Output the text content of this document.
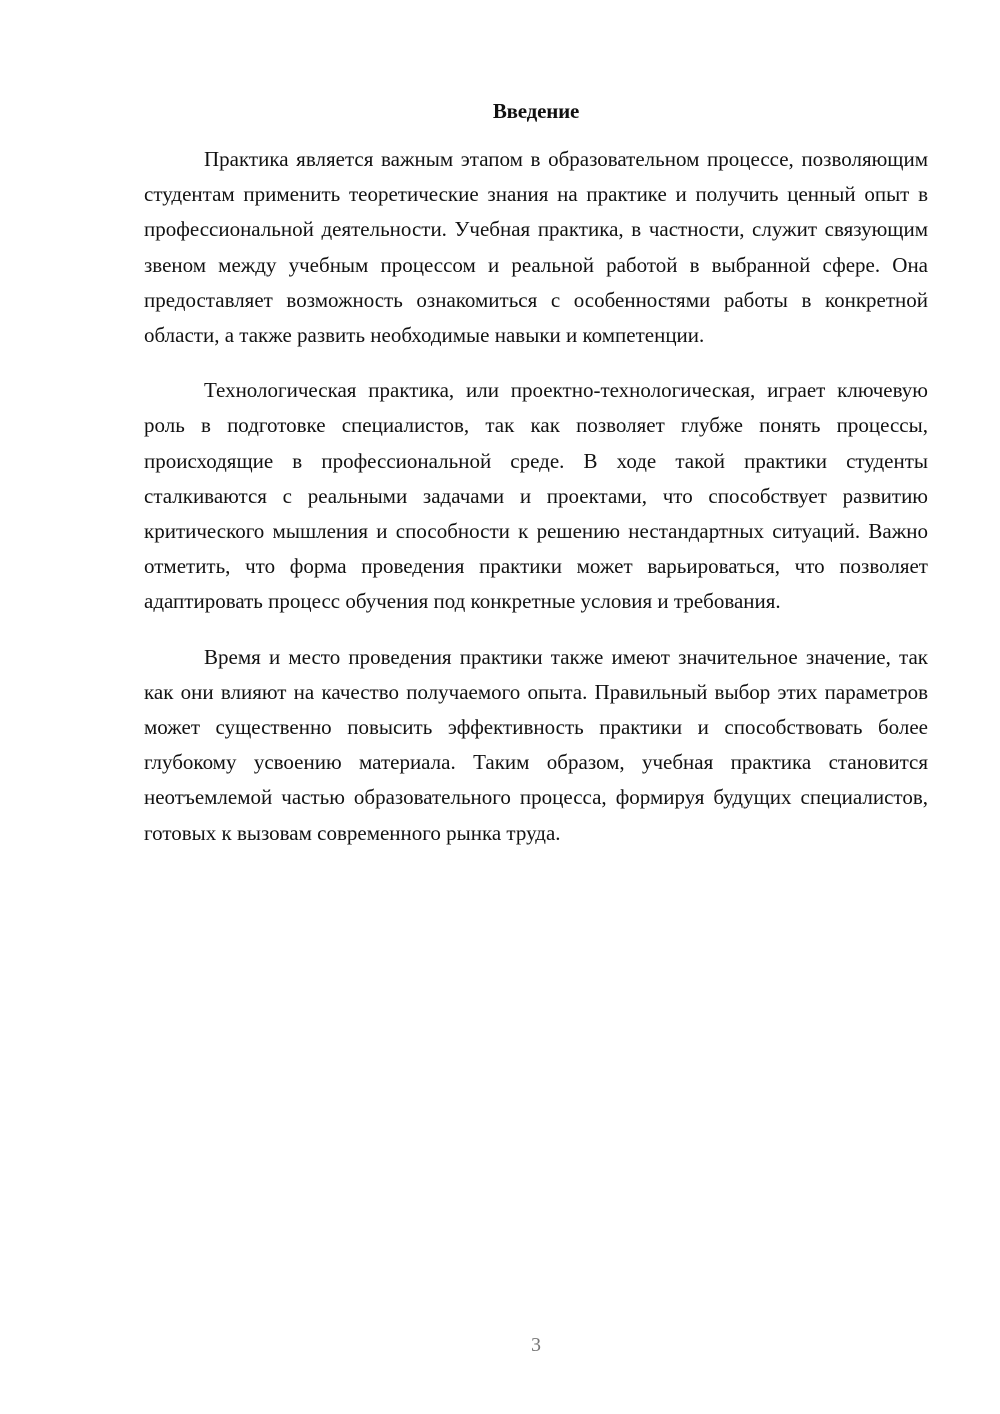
Введение

Практика является важным этапом в образовательном процессе, позволяющим студентам применить теоретические знания на практике и получить ценный опыт в профессиональной деятельности. Учебная практика, в частности, служит связующим звеном между учебным процессом и реальной работой в выбранной сфере. Она предоставляет возможность ознакомиться с особенностями работы в конкретной области, а также развить необходимые навыки и компетенции.

Технологическая практика, или проектно-технологическая, играет ключевую роль в подготовке специалистов, так как позволяет глубже понять процессы, происходящие в профессиональной среде. В ходе такой практики студенты сталкиваются с реальными задачами и проектами, что способствует развитию критического мышления и способности к решению нестандартных ситуаций. Важно отметить, что форма проведения практики может варьироваться, что позволяет адаптировать процесс обучения под конкретные условия и требования.

Время и место проведения практики также имеют значительное значение, так как они влияют на качество получаемого опыта. Правильный выбор этих параметров может существенно повысить эффективность практики и способствовать более глубокому усвоению материала. Таким образом, учебная практика становится неотъемлемой частью образовательного процесса, формируя будущих специалистов, готовых к вызовам современного рынка труда.

3
